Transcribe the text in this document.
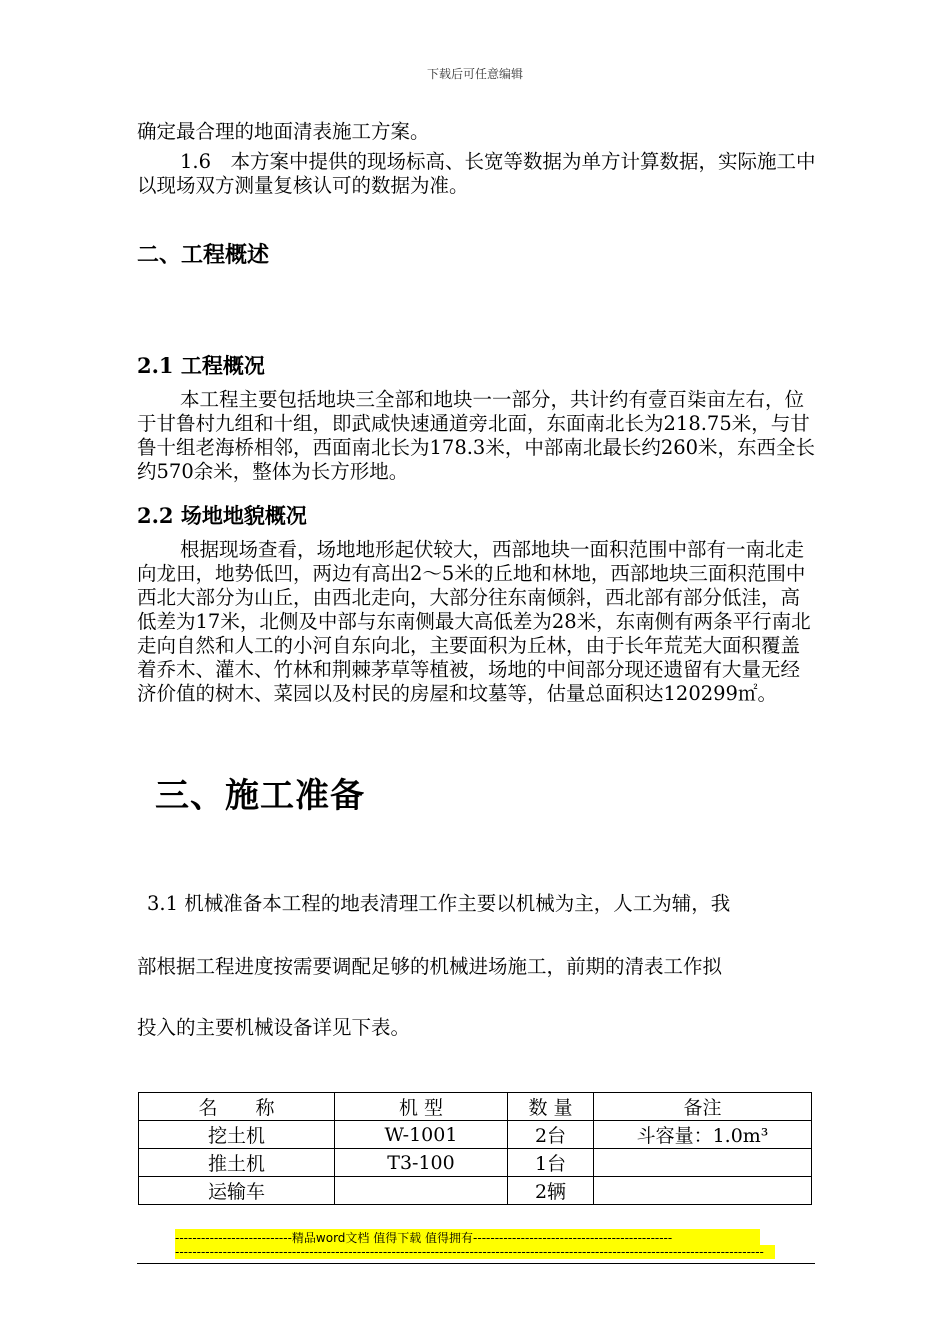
下载后可任意编辑

确定最合理的地面清表施工方案。

1.6　本方案中提供的现场标高、长宽等数据为单方计算数据，实际施工中以现场双方测量复核认可的数据为准。

二、工程概述
2.1 工程概况

本工程主要包括地块三全部和地块一一部分，共计约有壹百柒亩左右，位于甘鲁村九组和十组，即武咸快速通道旁北面，东面南北长为218.75米，与甘鲁十组老海桥相邻，西面南北长为178.3米，中部南北最长约260米，东西全长约570余米，整体为长方形地。

2.2 场地地貌概况

根据现场查看，场地地形起伏较大，西部地块一面积范围中部有一南北走向龙田，地势低凹，两边有高出2～5米的丘地和林地，西部地块三面积范围中西北大部分为山丘，由西北走向，大部分往东南倾斜，西北部有部分低洼，高低差为17米，北侧及中部与东南侧最大高低差为28米，东南侧有两条平行南北走向自然和人工的小河自东向北，主要面积为丘林，由于长年荒芜大面积覆盖着乔木、灌木、竹林和荆棘茅草等植被，场地的中间部分现还遗留有大量无经济价值的树木、菜园以及村民的房屋和坟墓等，估量总面积达120299㎡。

三、施工准备

3.1 机械准备本工程的地表清理工作主要以机械为主，人工为辅，我

部根据工程进度按需要调配足够的机械进场施工，前期的清表工作拟

投入的主要机械设备详见下表。

名　　称	机 型	数 量	备注
挖土机	W-1001	2台	斗容量：1.0m³
推土机	T3-100	1台	
运输车		2辆	
---------------------------精品word文档 值得下载 值得拥有----------------------------------------------
----------------------------------------------------------------------------------------------------------------------------------------
